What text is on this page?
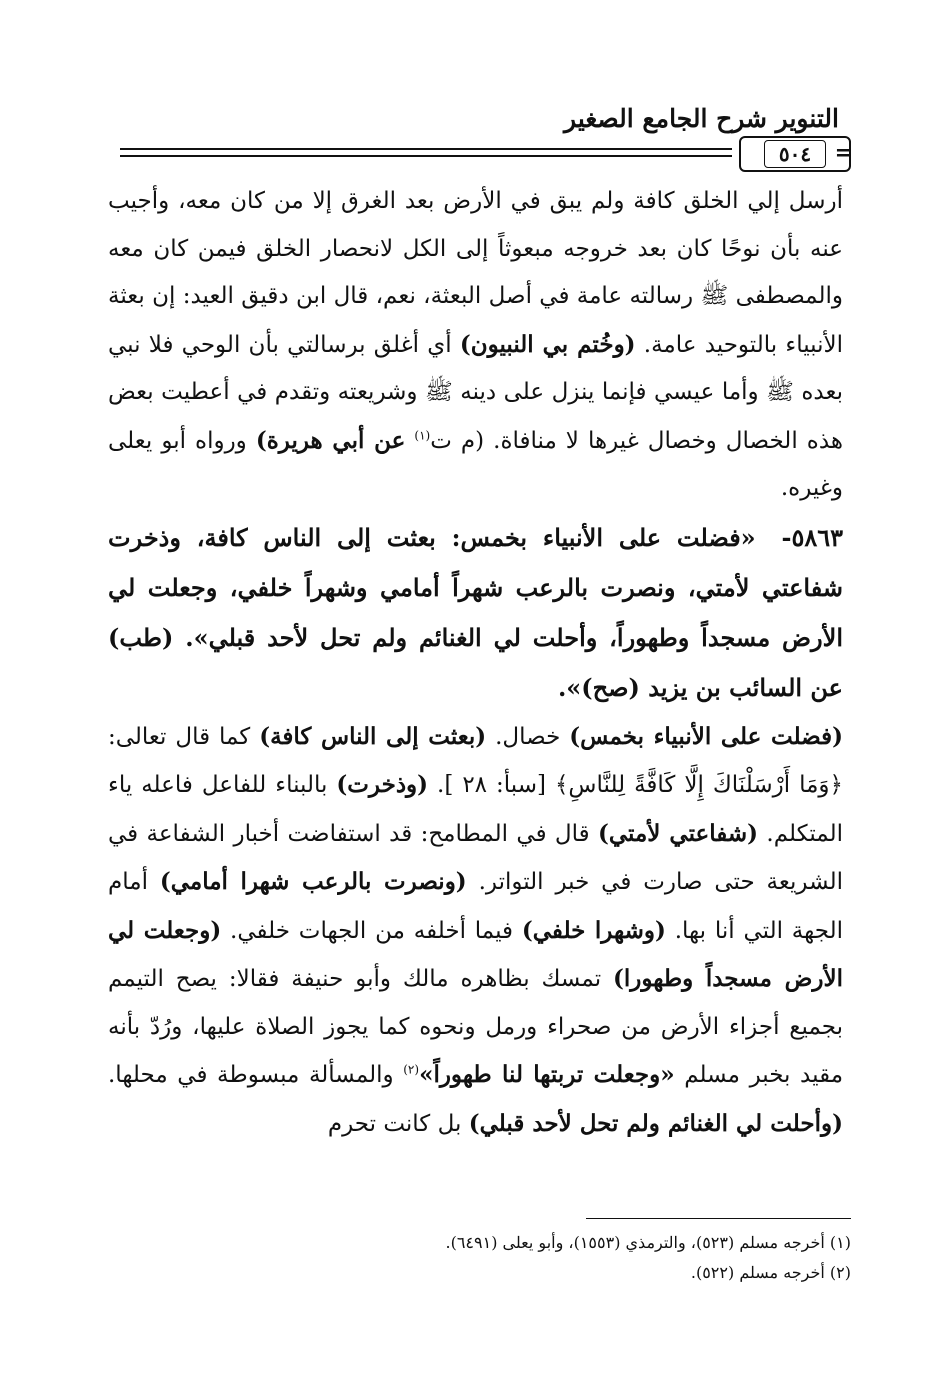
التنوير شرح الجامع الصغير
٥٠٤	=

أرسل إلي الخلق كافة ولم يبق في الأرض بعد الغرق إلا من كان معه، وأجيب عنه بأن نوحًا كان بعد خروجه مبعوثاً إلى الكل لانحصار الخلق فيمن كان معه والمصطفى ﷺ رسالته عامة في أصل البعثة، نعم، قال ابن دقيق العيد: إن بعثة الأنبياء بالتوحيد عامة. (وخُتم بي النبيون) أي أغلق برسالتي بأن الوحي فلا نبي بعده ﷺ وأما عيسي فإنما ينزل على دينه ﷺ وشريعته وتقدم في أعطيت بعض هذه الخصال وخصال غيرها لا منافاة. (م ت$^{(١)}$ عن أبي هريرة) ورواه أبو يعلى وغيره.

٥٨٦٣- «فضلت على الأنبياء بخمس: بعثت إلى الناس كافة، وذخرت شفاعتي لأمتي، ونصرت بالرعب شهراً أمامي وشهراً خلفي، وجعلت لي الأرض مسجداً وطهوراً، وأحلت لي الغنائم ولم تحل لأحد قبلي». (طب) عن السائب بن يزيد (صح)».

(فضلت على الأنبياء بخمس) خصال. (بعثت إلى الناس كافة) كما قال تعالى: ﴿وَمَا أَرْسَلْنَاكَ إِلَّا كَافَّةً لِلنَّاسِ﴾ [سبأ: ٢٨ ]. (وذخرت) بالبناء للفاعل فاعله ياء المتكلم. (شفاعتي لأمتي) قال في المطامح: قد استفاضت أخبار الشفاعة في الشريعة حتى صارت في خبر التواتر. (ونصرت بالرعب شهرا أمامي) أمام الجهة التي أنا بها. (وشهرا خلفي) فيما أخلفه من الجهات خلفي. (وجعلت لي الأرض مسجداً وطهورا) تمسك بظاهره مالك وأبو حنيفة فقالا: يصح التيمم بجميع أجزاء الأرض من صحراء ورمل ونحوه كما يجوز الصلاة عليها، ورُدّ بأنه مقيد بخبر مسلم «وجعلت تربتها لنا طهوراً»$^{(٢)}$ والمسألة مبسوطة في محلها. (وأحلت لي الغنائم ولم تحل لأحد قبلي) بل كانت تحرم

(١) أخرجه مسلم (٥٢٣)، والترمذي (١٥٥٣)، وأبو يعلى (٦٤٩١).
(٢) أخرجه مسلم (٥٢٢).
